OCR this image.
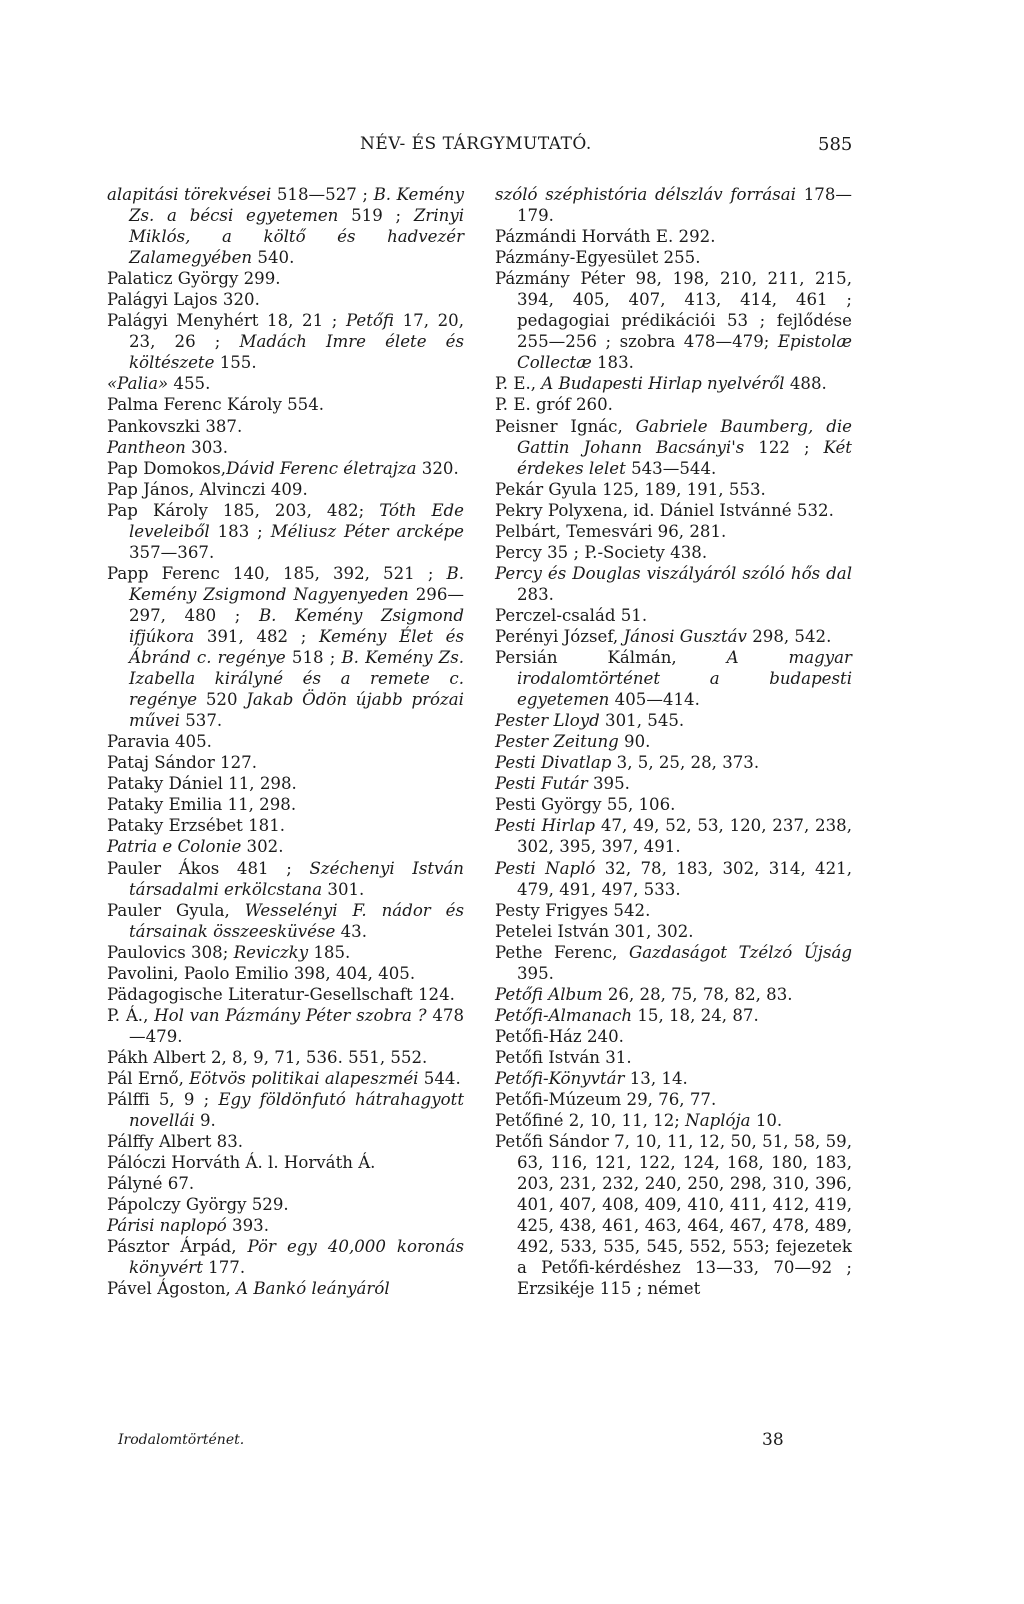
NÉV- ÉS TÁRGYMUTATÓ.	585
alapitási törekvései 518—527 ; B. Kemény Zs. a bécsi egyetemen 519 ; Zrinyi Miklós, a költő és hadvezér Zalamegyében 540.
Palaticz György 299.
Palágyi Lajos 320.
Palágyi Menyhért 18, 21 ; Petőfi 17, 20, 23, 26 ; Madách Imre élete és költészete 155.
«Palia» 455.
Palma Ferenc Károly 554.
Pankovszki 387.
Pantheon 303.
Pap Domokos,Dávid Ferenc életrajza 320.
Pap János, Alvinczi 409.
Pap Károly 185, 203, 482; Tóth Ede leveleiből 183 ; Méliusz Péter arcképe 357—367.
Papp Ferenc 140, 185, 392, 521 ; B. Kemény Zsigmond Nagyenyeden 296—297, 480 ; B. Kemény Zsigmond ifjúkora 391, 482 ; Kemény Élet és Ábránd c. regénye 518 ; B. Kemény Zs. Izabella királyné és a remete c. regénye 520 Jakab Ödön újabb prózai művei 537.
Paravia 405.
Pataj Sándor 127.
Pataky Dániel 11, 298.
Pataky Emilia 11, 298.
Pataky Erzsébet 181.
Patria e Colonie 302.
Pauler Ákos 481 ; Széchenyi István társadalmi erkölcstana 301.
Pauler Gyula, Wesselényi F. nádor és társainak összeesküvése 43.
Paulovics 308; Reviczky 185.
Pavolini, Paolo Emilio 398, 404, 405.
Pädagogische Literatur-Gesellschaft 124.
P. Á., Hol van Pázmány Péter szobra ? 478—479.
Pákh Albert 2, 8, 9, 71, 536. 551, 552.
Pál Ernő, Eötvös politikai alapeszméi 544.
Pálffi 5, 9 ; Egy földönfutó hátrahagyott novellái 9.
Pálffy Albert 83.
Pálóczi Horváth Á. l. Horváth Á.
Pályné 67.
Pápolczy György 529.
Párisi naplopó 393.
Pásztor Árpád, Pör egy 40,000 koronás könyvért 177.
Pável Ágoston, A Bankó leányáról
szóló széphistória délszláv forrásai 178—179.
Pázmándi Horváth E. 292.
Pázmány-Egyesület 255.
Pázmány Péter 98, 198, 210, 211, 215, 394, 405, 407, 413, 414, 461 ; pedagogiai prédikációi 53 ; fejlődése 255—256 ; szobra 478—479; Epistolæ Collectæ 183.
P. E., A Budapesti Hirlap nyelvéről 488.
P. E. gróf 260.
Peisner Ignác, Gabriele Baumberg, die Gattin Johann Bacsányi's 122 ; Két érdekes lelet 543—544.
Pekár Gyula 125, 189, 191, 553.
Pekry Polyxena, id. Dániel Istvánné 532.
Pelbárt, Temesvári 96, 281.
Percy 35 ; P.-Society 438.
Percy és Douglas viszályáról szóló hős dal 283.
Perczel-család 51.
Perényi József, Jánosi Gusztáv 298, 542.
Persián Kálmán, A magyar irodalomtörténet a budapesti egyetemen 405—414.
Pester Lloyd 301, 545.
Pester Zeitung 90.
Pesti Divatlap 3, 5, 25, 28, 373.
Pesti Futár 395.
Pesti György 55, 106.
Pesti Hirlap 47, 49, 52, 53, 120, 237, 238, 302, 395, 397, 491.
Pesti Napló 32, 78, 183, 302, 314, 421, 479, 491, 497, 533.
Pesty Frigyes 542.
Petelei István 301, 302.
Pethe Ferenc, Gazdaságot Tzélzó Újság 395.
Petőfi Album 26, 28, 75, 78, 82, 83.
Petőfi-Almanach 15, 18, 24, 87.
Petőfi-Ház 240.
Petőfi István 31.
Petőfi-Könyvtár 13, 14.
Petőfi-Múzeum 29, 76, 77.
Petőfiné 2, 10, 11, 12; Naplója 10.
Petőfi Sándor 7, 10, 11, 12, 50, 51, 58, 59, 63, 116, 121, 122, 124, 168, 180, 183, 203, 231, 232, 240, 250, 298, 310, 396, 401, 407, 408, 409, 410, 411, 412, 419, 425, 438, 461, 463, 464, 467, 478, 489, 492, 533, 535, 545, 552, 553; fejezetek a Petőfi-kérdéshez 13—33, 70—92 ; Erzsikéje 115 ; német
Irodalomtörténet.	38
